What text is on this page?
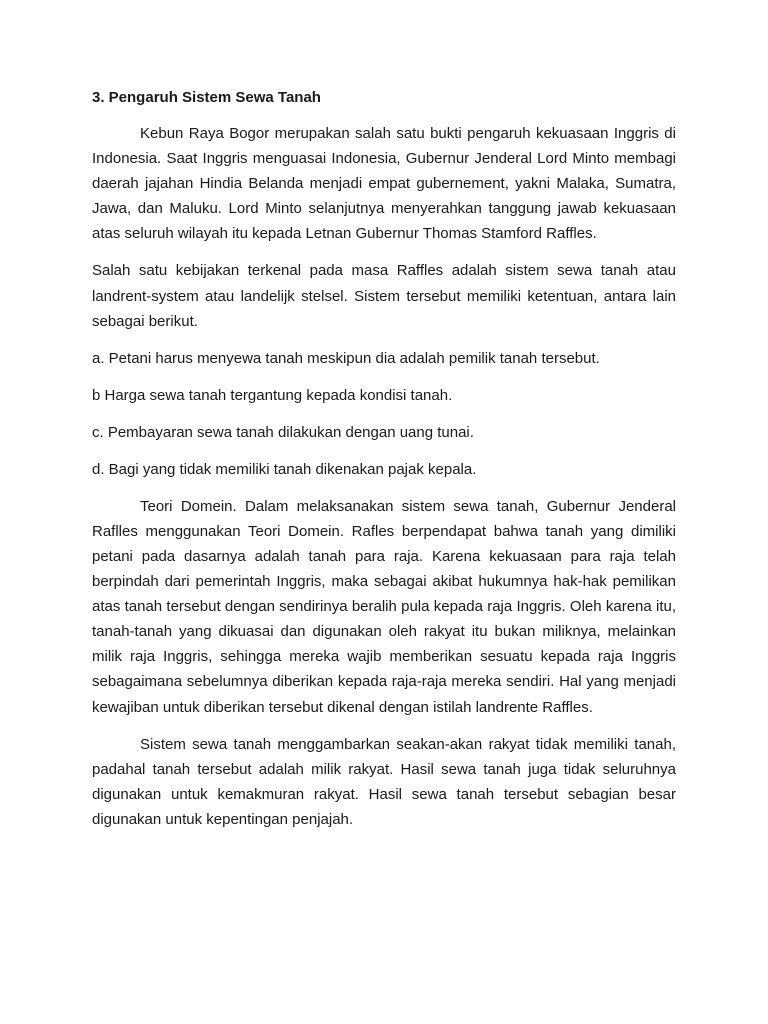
3. Pengaruh Sistem Sewa Tanah

Kebun Raya Bogor merupakan salah satu bukti pengaruh kekuasaan Inggris di Indonesia. Saat Inggris menguasai Indonesia, Gubernur Jenderal Lord Minto membagi daerah jajahan Hindia Belanda menjadi empat gubernement, yakni Malaka, Sumatra, Jawa, dan Maluku. Lord Minto selanjutnya menyerahkan tanggung jawab kekuasaan atas seluruh wilayah itu kepada Letnan Gubernur Thomas Stamford Raffles.

Salah satu kebijakan terkenal pada masa Raffles adalah sistem sewa tanah atau landrent-system atau landelijk stelsel. Sistem tersebut memiliki ketentuan, antara lain sebagai berikut.

a. Petani harus menyewa tanah meskipun dia adalah pemilik tanah tersebut.
b Harga sewa tanah tergantung kepada kondisi tanah.
c. Pembayaran sewa tanah dilakukan dengan uang tunai.
d. Bagi yang tidak memiliki tanah dikenakan pajak kepala.

Teori Domein. Dalam melaksanakan sistem sewa tanah, Gubernur Jenderal Raflles menggunakan Teori Domein. Rafles berpendapat bahwa tanah yang dimiliki petani pada dasarnya adalah tanah para raja. Karena kekuasaan para raja telah berpindah dari pemerintah Inggris, maka sebagai akibat hukumnya hak-hak pemilikan atas tanah tersebut dengan sendirinya beralih pula kepada raja Inggris. Oleh karena itu, tanah-tanah yang dikuasai dan digunakan oleh rakyat itu bukan miliknya, melainkan milik raja Inggris, sehingga mereka wajib memberikan sesuatu kepada raja Inggris sebagaimana sebelumnya diberikan kepada raja-raja mereka sendiri. Hal yang menjadi kewajiban untuk diberikan tersebut dikenal dengan istilah landrente Raffles.

Sistem sewa tanah menggambarkan seakan-akan rakyat tidak memiliki tanah, padahal tanah tersebut adalah milik rakyat. Hasil sewa tanah juga tidak seluruhnya digunakan untuk kemakmuran rakyat. Hasil sewa tanah tersebut sebagian besar digunakan untuk kepentingan penjajah.
